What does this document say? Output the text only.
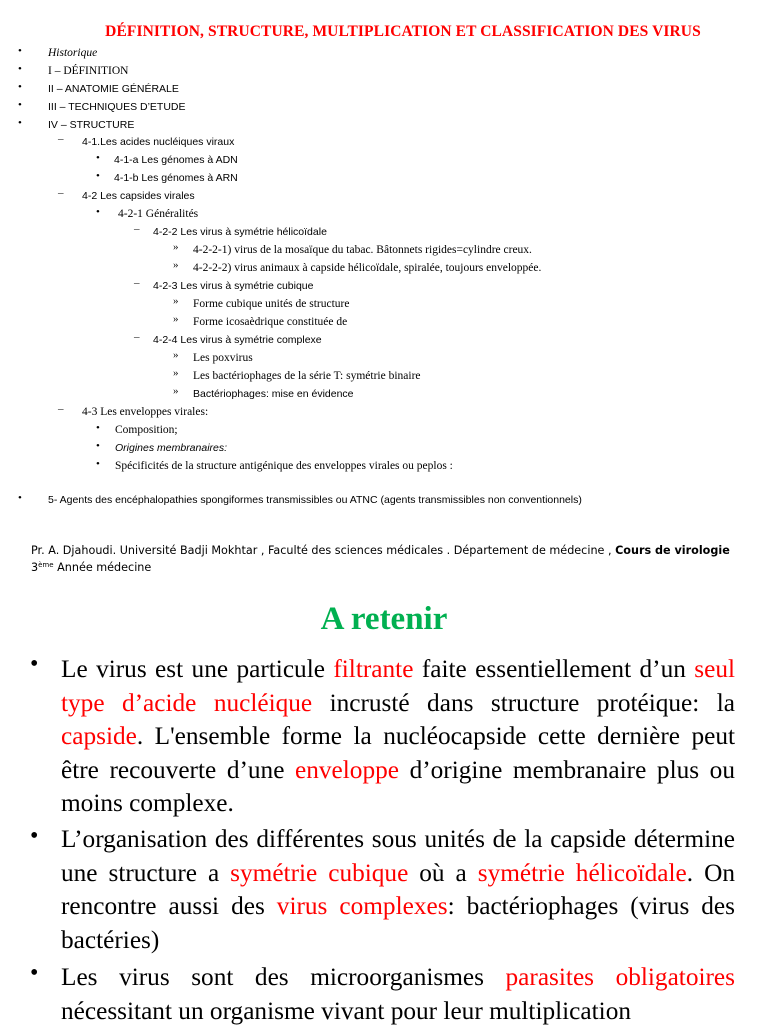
DÉFINITION, STRUCTURE, MULTIPLICATION ET CLASSIFICATION DES VIRUS
• Historique
• I – DÉFINITION
• II – ANATOMIE GÉNÉRALE
• III – TECHNIQUES D’ETUDE
• IV – STRUCTURE
– 4-1.Les acides nucléiques viraux
• 4-1-a Les génomes à ADN
• 4-1-b Les génomes à ARN
– 4-2 Les capsides virales
• 4-2-1 Généralités
– 4-2-2 Les virus à symétrie hélicoïdale
» 4-2-2-1) virus de la mosaïque du tabac. Bâtonnets rigides=cylindre creux.
» 4-2-2-2) virus animaux à capside hélicoïdale, spiralée, toujours enveloppée.
– 4-2-3 Les virus à symétrie cubique
» Forme cubique unités de structure
» Forme icosaèdrique constituée de
– 4-2-4 Les virus à symétrie complexe
» Les poxvirus
» Les bactériophages de la série T: symétrie binaire
» Bactériophages: mise en évidence
– 4-3 Les enveloppes virales:
• Composition;
• Origines membranaires:
• Spécificités de la structure antigénique des enveloppes virales ou peplos :
• 5- Agents des encéphalopathies spongiformes transmissibles ou ATNC (agents transmissibles non conventionnels)
Pr. A. Djahoudi. Université Badji Mokhtar , Faculté des sciences médicales . Département de médecine , Cours de virologie 3ème Année médecine
A retenir
• Le virus est une particule filtrante faite essentiellement d’un seul type d’acide nucléique incrusté dans structure protéique: la capside. L'ensemble forme la nucléocapside cette dernière peut être recouverte d’une enveloppe d’origine membranaire plus ou moins complexe.
• L’organisation des différentes sous unités de la capside détermine une structure a symétrie cubique où a symétrie hélicoïdale. On rencontre aussi des virus complexes: bactériophages (virus des bactéries)
• Les virus sont des microorganismes parasites obligatoires nécessitant un organisme vivant pour leur multiplication
